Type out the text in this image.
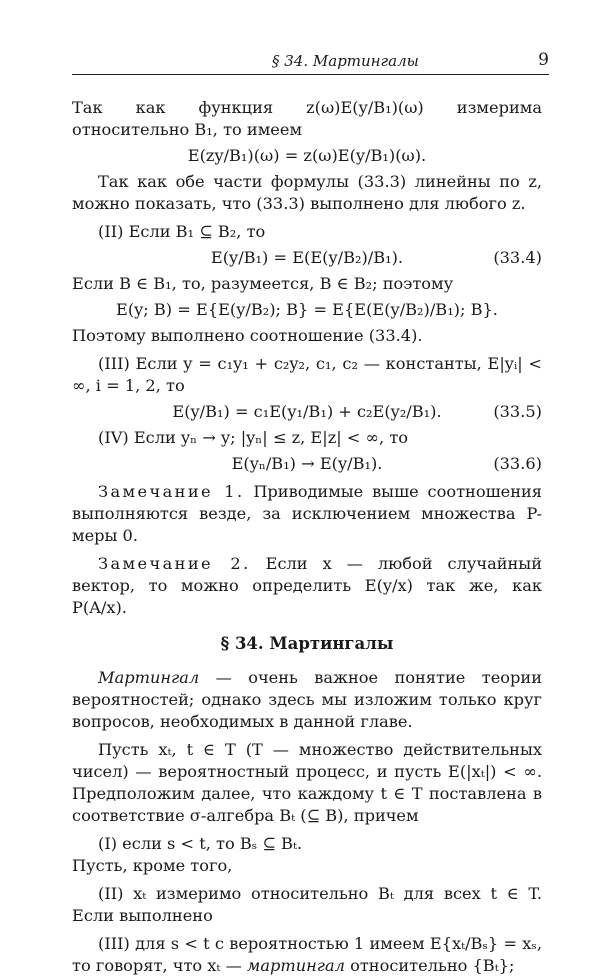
§ 34. Мартингалы	9

Так как функция z(ω)E(y/B₁)(ω) измерима относительно B₁, то имеем

E(zy/B₁)(ω) = z(ω)E(y/B₁)(ω).

Так как обе части формулы (33.3) линейны по z, можно показать, что (33.3) выполнено для любого z.

(II) Если B₁ ⊆ B₂, то

E(y/B₁) = E(E(y/B₂)/B₁).	(33.4)

Если B ∈ B₁, то, разумеется, B ∈ B₂; поэтому

E(y; B) = E{E(y/B₂); B} = E{E(E(y/B₂)/B₁); B}.

Поэтому выполнено соотношение (33.4).

(III) Если y = c₁y₁ + c₂y₂, c₁, c₂ — константы, E|yᵢ| < ∞, i = 1, 2, то

E(y/B₁) = c₁E(y₁/B₁) + c₂E(y₂/B₁).	(33.5)

(IV) Если yₙ → y; |yₙ| ≤ z, E|z| < ∞, то

E(yₙ/B₁) → E(y/B₁).	(33.6)

Замечание 1. Приводимые выше соотношения выполняются везде, за исключением множества P-меры 0.

Замечание 2. Если x — любой случайный вектор, то можно определить E(y/x) так же, как P(A/x).

§ 34. Мартингалы

Мартингал — очень важное понятие теории вероятностей; однако здесь мы изложим только круг вопросов, необходимых в данной главе.

Пусть xₜ, t ∈ T (T — множество действительных чисел) — вероятностный процесс, и пусть E(|xₜ|) < ∞. Предположим далее, что каждому t ∈ T поставлена в соответствие σ-алгебра Bₜ (⊆ B), причем

(I) если s < t, то Bₛ ⊆ Bₜ.

Пусть, кроме того,

(II) xₜ измеримо относительно Bₜ для всех t ∈ T. Если выполнено

(III) для s < t с вероятностью 1 имеем E{xₜ/Bₛ} = xₛ, то говорят, что xₜ — мартингал относительно {Bₜ};
